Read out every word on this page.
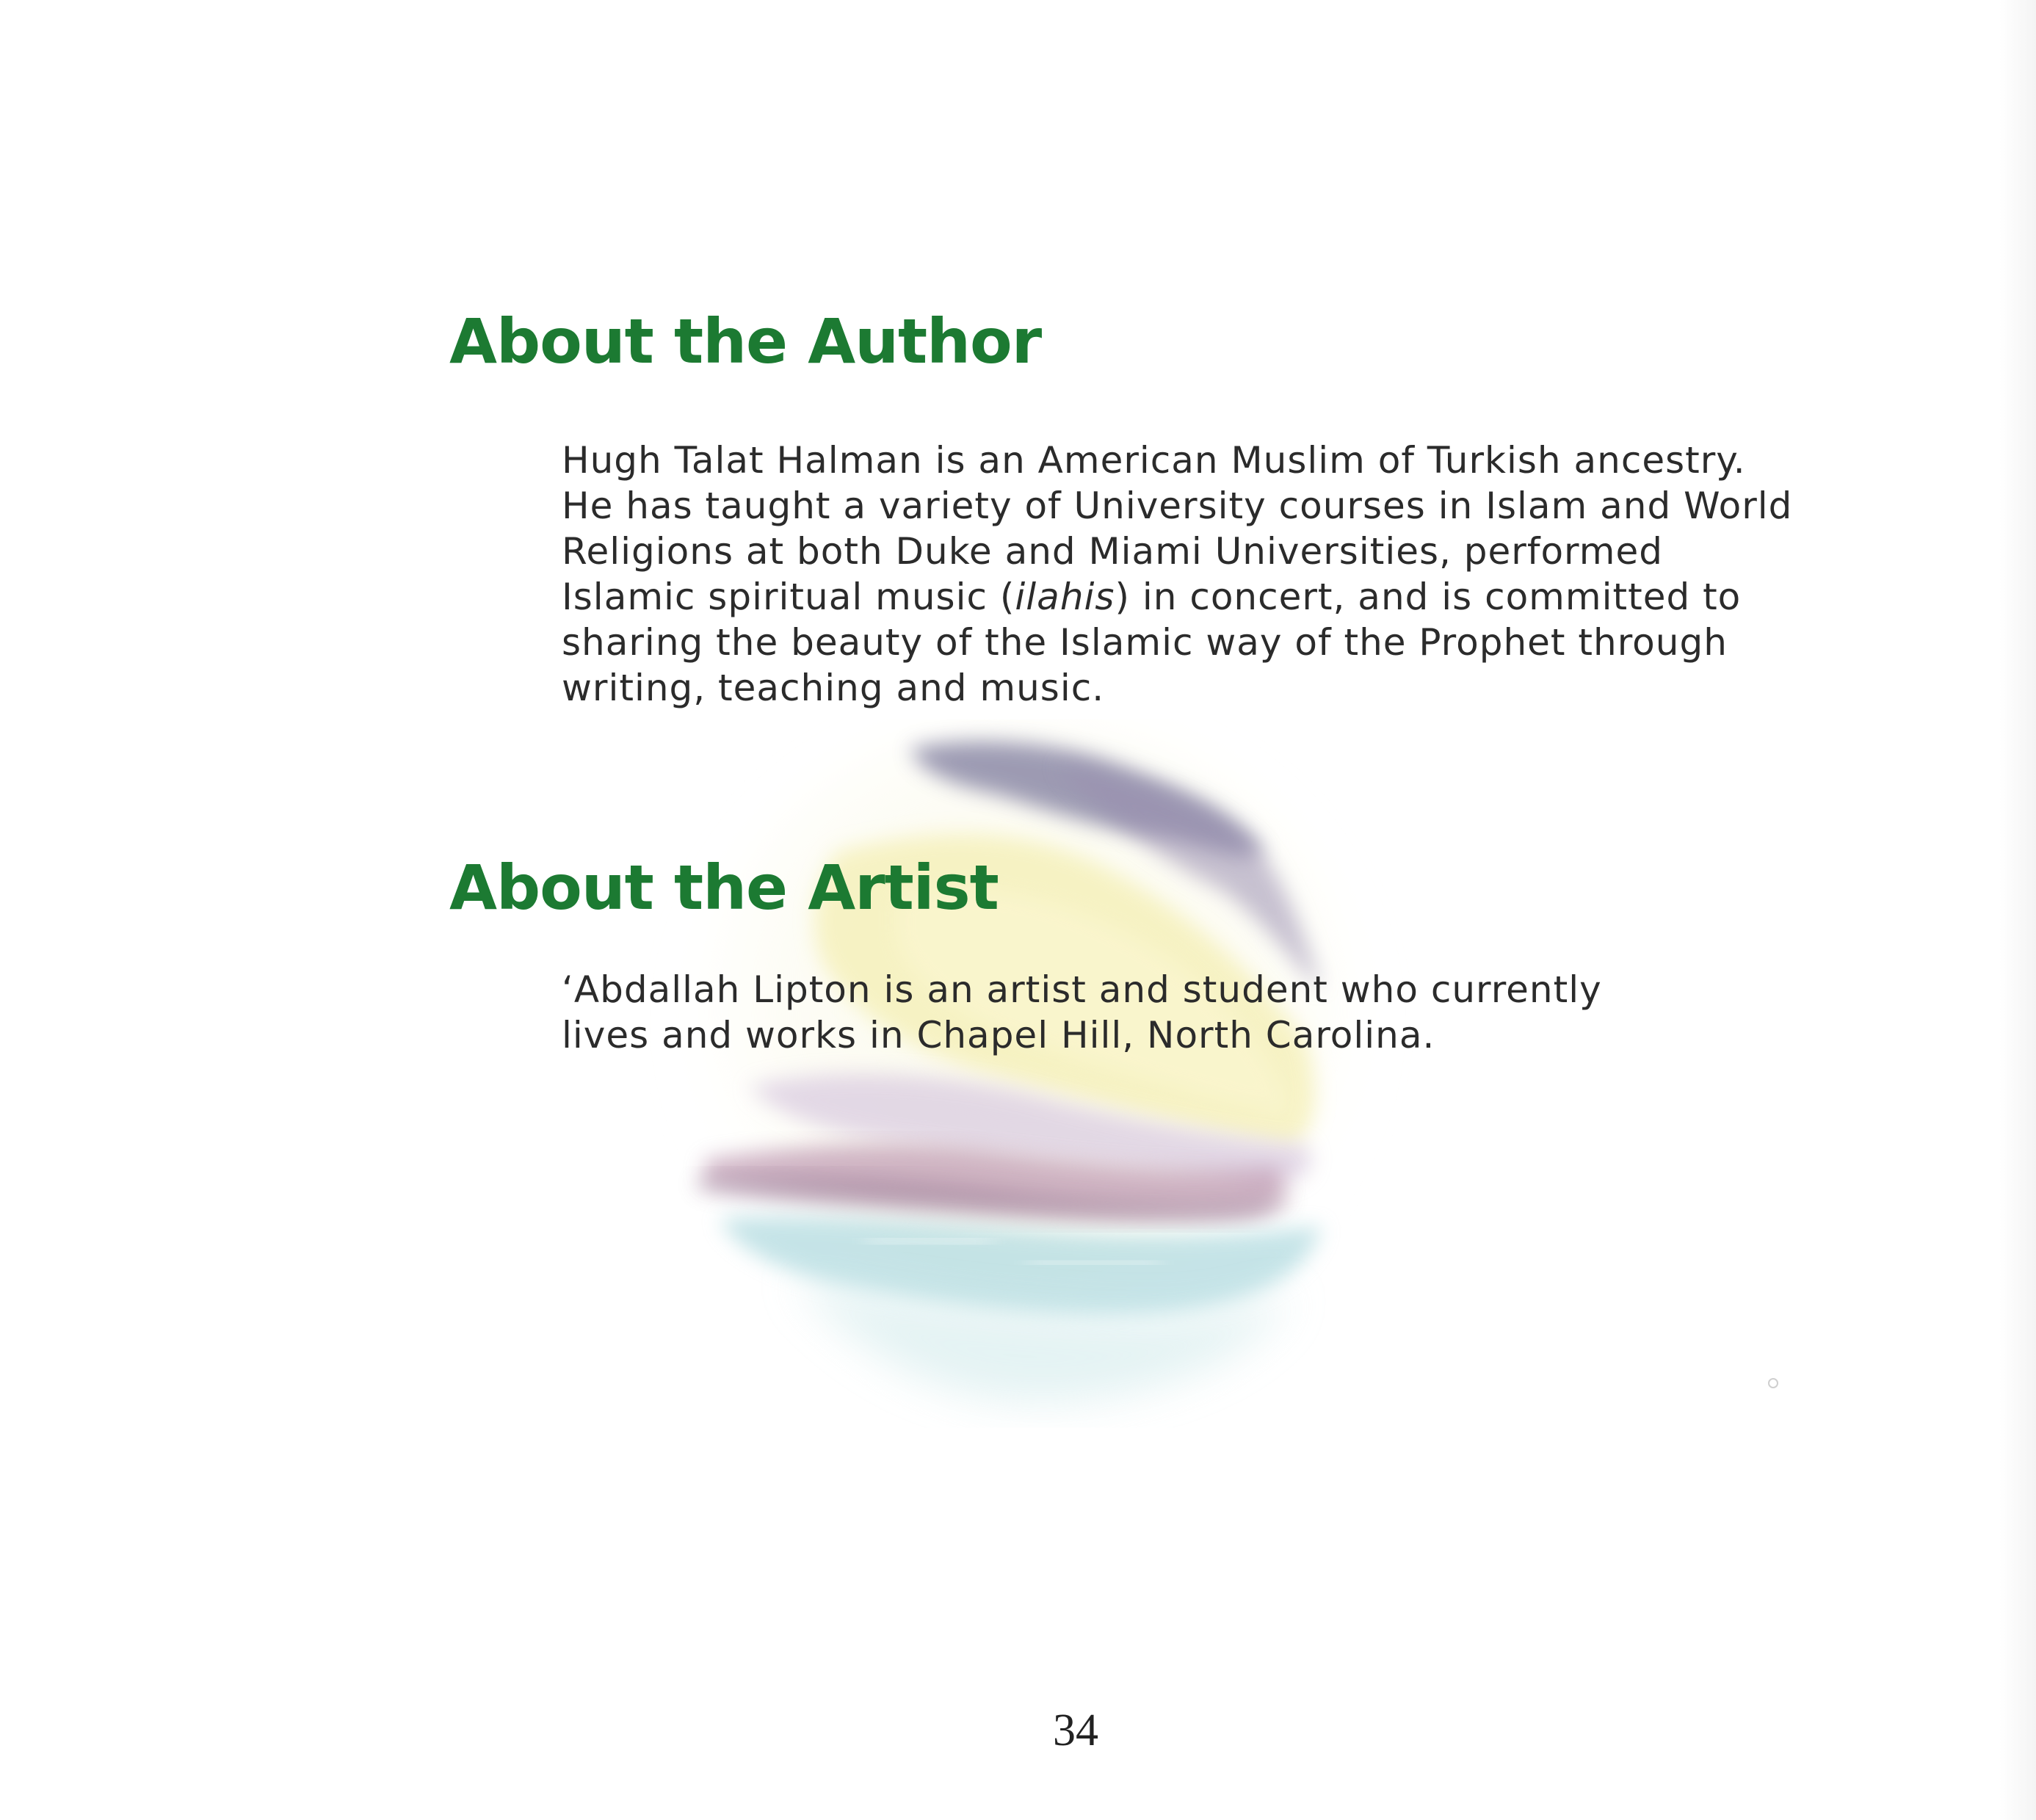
About the Author

Hugh Talat Halman is an American Muslim of Turkish ancestry.
He has taught a variety of University courses in Islam and World
Religions at both Duke and Miami Universities, performed
Islamic spiritual music (ilahis) in concert, and is committed to
sharing the beauty of the Islamic way of the Prophet through
writing, teaching and music.

About the Artist

ʻAbdallah Lipton is an artist and student who currently
lives and works in Chapel Hill, North Carolina.

34
